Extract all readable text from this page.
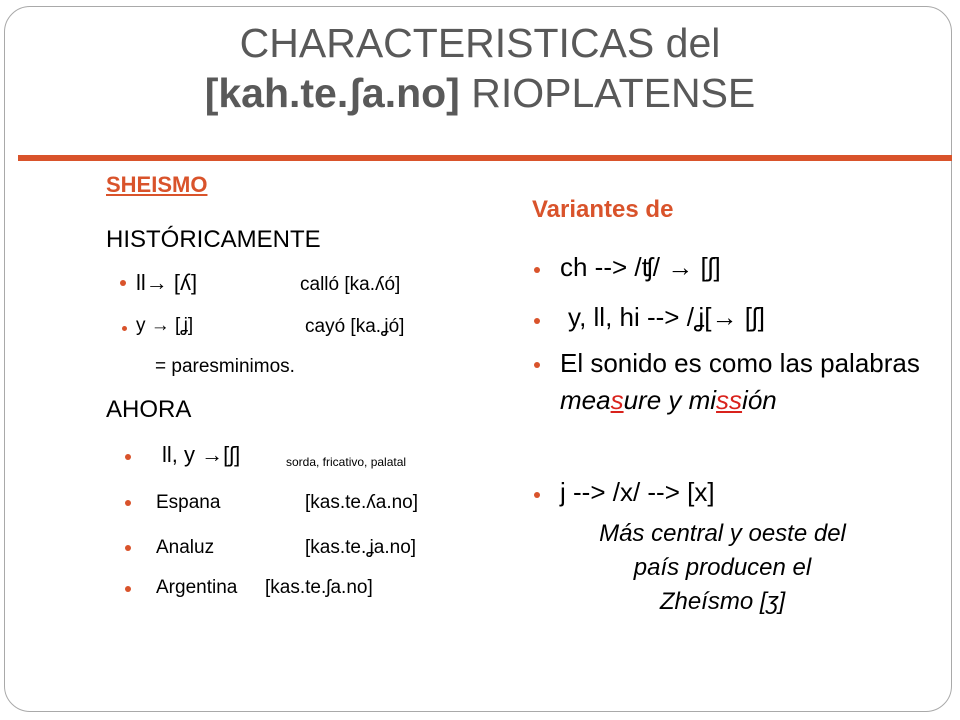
CHARACTERISTICAS del
[kah.te.ʃa.no] RIOPLATENSE
SHEISMO
HISTÓRICAMENTE
ll→ [ʎ]	calló [ka.ʎó]
y → [ʝ]	cayó [ka.ʝó]
= paresminimos.
AHORA
ll, y →[ʃ]	sorda, fricativo, palatal
Espana	[kas.te.ʎa.no]
Analuz	[kas.te.ʝa.no]
Argentina [kas.te.ʃa.no]
Variantes de
ch --> /ʧ/ → [ʃ]
y, ll, hi --> /ʝ[→ [ʃ]
El sonido es como las palabras measure y missión
j --> /x/ --> [x]
Más central y oeste del
país producen el
Zheísmo [ʒ]
